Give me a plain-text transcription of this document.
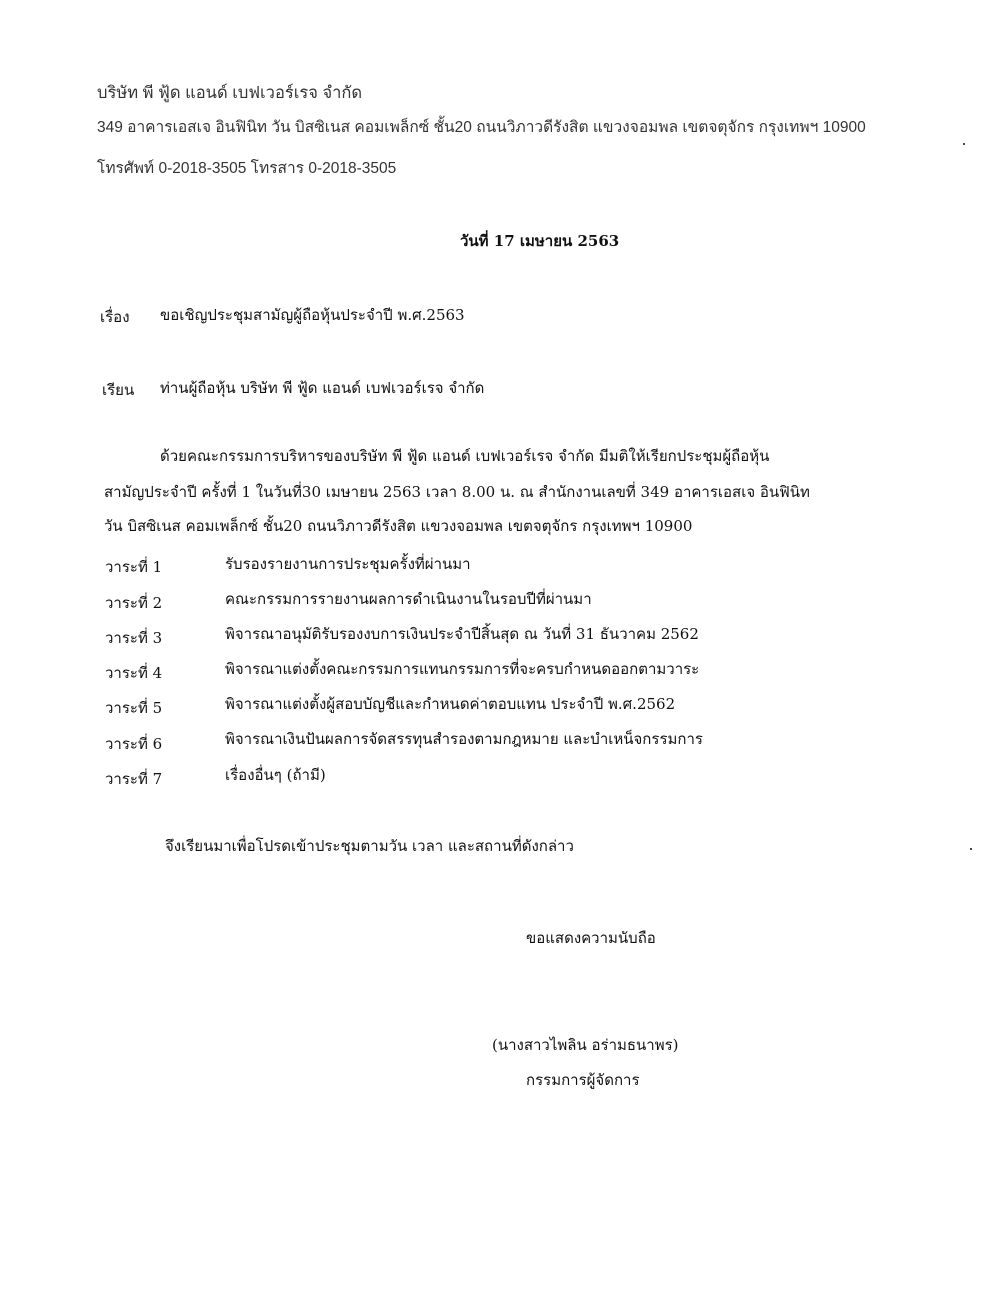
บริษัท พี ฟู้ด แอนด์ เบฟเวอร์เรจ จำกัด
349 อาคารเอสเจ อินฟินิท วัน บิสซิเนส คอมเพล็กซ์ ชั้น20 ถนนวิภาวดีรังสิต แขวงจอมพล เขตจตุจักร กรุงเทพฯ 10900
โทรศัพท์ 0-2018-3505 โทรสาร 0-2018-3505
วันที่ 17 เมษายน 2563
เรื่อง ขอเชิญประชุมสามัญผู้ถือหุ้นประจำปี พ.ศ.2563
เรียน ท่านผู้ถือหุ้น บริษัท พี ฟู้ด แอนด์ เบฟเวอร์เรจ จำกัด
ด้วยคณะกรรมการบริหารของบริษัท พี ฟู้ด แอนด์ เบฟเวอร์เรจ จำกัด มีมติให้เรียกประชุมผู้ถือหุ้น
สามัญประจำปี ครั้งที่ 1 ในวันที่30 เมษายน 2563 เวลา 8.00 น. ณ สำนักงานเลขที่ 349 อาคารเอสเจ อินฟินิท
วัน บิสซิเนส คอมเพล็กซ์ ชั้น20 ถนนวิภาวดีรังสิต แขวงจอมพล เขตจตุจักร กรุงเทพฯ 10900
วาระที่ 1	รับรองรายงานการประชุมครั้งที่ผ่านมา
วาระที่ 2	คณะกรรมการรายงานผลการดำเนินงานในรอบปีที่ผ่านมา
วาระที่ 3	พิจารณาอนุมัติรับรองงบการเงินประจำปีสิ้นสุด ณ วันที่ 31 ธันวาคม 2562
วาระที่ 4	พิจารณาแต่งตั้งคณะกรรมการแทนกรรมการที่จะครบกำหนดออกตามวาระ
วาระที่ 5	พิจารณาแต่งตั้งผู้สอบบัญชีและกำหนดค่าตอบแทน ประจำปี พ.ศ.2562
วาระที่ 6	พิจารณาเงินปันผลการจัดสรรทุนสำรองตามกฎหมาย และบำเหน็จกรรมการ
วาระที่ 7	เรื่องอื่นๆ (ถ้ามี)
จึงเรียนมาเพื่อโปรดเข้าประชุมตามวัน เวลา และสถานที่ดังกล่าว
ขอแสดงความนับถือ
(นางสาวไพลิน อร่ามธนาพร)
กรรมการผู้จัดการ
